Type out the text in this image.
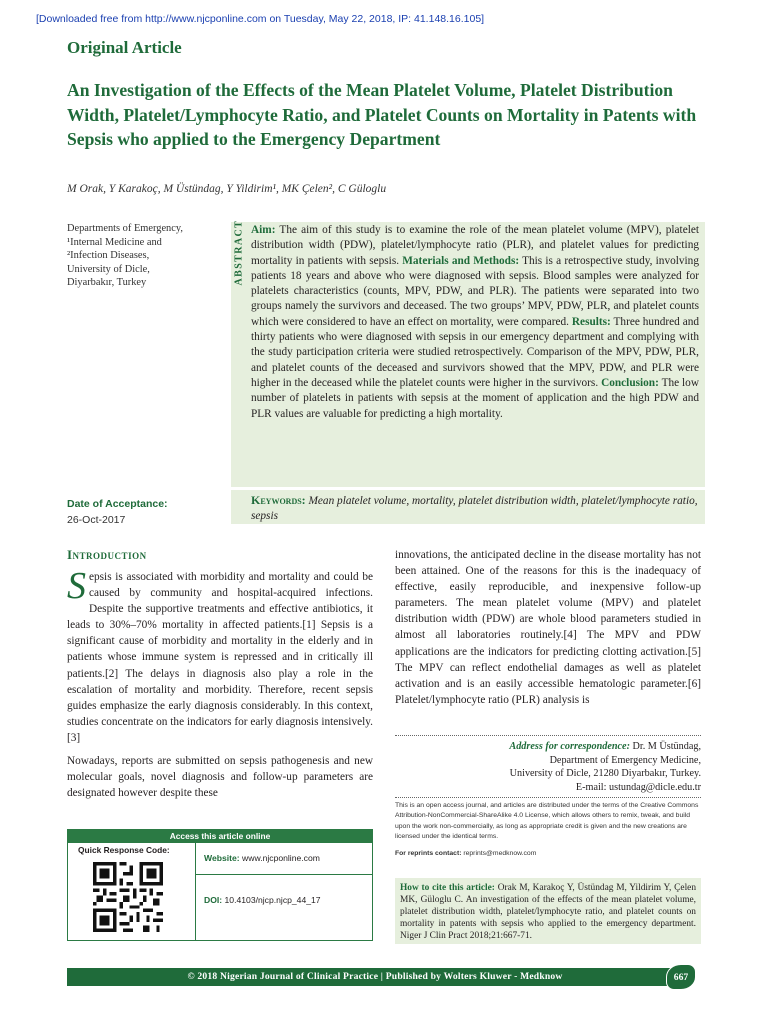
[Downloaded free from http://www.njcponline.com on Tuesday, May 22, 2018, IP: 41.148.16.105]
Original Article
An Investigation of the Effects of the Mean Platelet Volume, Platelet Distribution Width, Platelet/Lymphocyte Ratio, and Platelet Counts on Mortality in Patents with Sepsis who applied to the Emergency Department
M Orak, Y Karakoç, M Üstündag, Y Yildirim¹, MK Çelen², C Güloglu

Departments of Emergency,

¹Internal Medicine and

²Infection Diseases,

University of Dicle,

Diyarbakır, Turkey

Date of Acceptance:
26-Oct-2017
ABSTRACT Aim: The aim of this study is to examine the role of the mean platelet volume (MPV), platelet distribution width (PDW), platelet/lymphocyte ratio (PLR), and platelet values for predicting mortality in patients with sepsis. Materials and Methods: This is a retrospective study, involving patients 18 years and above who were diagnosed with sepsis. Blood samples were analyzed for platelets characteristics (counts, MPV, PDW, and PLR). The patients were separated into two groups namely the survivors and deceased. The two groups’ MPV, PDW, PLR, and platelet counts which were considered to have an effect on mortality, were compared. Results: Three hundred and thirty patients who were diagnosed with sepsis in our emergency department and complying with the study participation criteria were studied retrospectively. Comparison of the MPV, PDW, PLR, and platelet counts of the deceased and survivors showed that the MPV, PDW, and PLR were higher in the deceased while the platelet counts were higher in the survivors. Conclusion: The low number of platelets in patients with sepsis at the moment of application and the high PDW and PLR values are valuable for predicting a high mortality.
Keywords: Mean platelet volume, mortality, platelet distribution width, platelet/lymphocyte ratio, sepsis
Introduction

Sepsis is associated with morbidity and mortality and could be caused by community and hospital-acquired infections. Despite the supportive treatments and effective antibiotics, it leads to 30%–70% mortality in affected patients.[1] Sepsis is a significant cause of morbidity and mortality in the elderly and in patients whose immune system is repressed and in critically ill patients.[2] The delays in diagnosis also play a role in the escalation of mortality and morbidity. Therefore, recent sepsis guides emphasize the early diagnosis considerably. In this context, studies concentrate on the indicators for early diagnosis intensively.[3]

Nowadays, reports are submitted on sepsis pathogenesis and new molecular goals, novel diagnosis and follow-up parameters are designated however despite these

innovations, the anticipated decline in the disease mortality has not been attained. One of the reasons for this is the inadequacy of effective, easily reproducible, and inexpensive follow-up parameters. The mean platelet volume (MPV) and platelet distribution width (PDW) are whole blood parameters studied in almost all laboratories routinely.[4] The MPV and PDW applications are the indicators for predicting clotting activation.[5] The MPV can reflect endothelial damages as well as platelet activation and is an easily accessible hematologic parameter.[6] Platelet/lymphocyte ratio (PLR) analysis is
Address for correspondence: Dr. M Üstündag,
Department of Emergency Medicine,
University of Dicle, 21280 Diyarbakır, Turkey.
E-mail: ustundag@dicle.edu.tr
This is an open access journal, and articles are distributed under the terms of the Creative Commons Attribution-NonCommercial-ShareAlike 4.0 License, which allows others to remix, tweak, and build upon the work non-commercially, as long as appropriate credit is given and the new creations are licensed under the identical terms.
For reprints contact: reprints@medknow.com
How to cite this article: Orak M, Karakoç Y, Üstündag M, Yildirim Y, Çelen MK, Güloglu C. An investigation of the effects of the mean platelet volume, platelet distribution width, platelet/lymphocyte ratio, and platelet counts on mortality in patents with sepsis who applied to the emergency department. Niger J Clin Pract 2018;21:667-71.
Access this article online
Quick Response Code:
Website: www.njcponline.com
DOI: 10.4103/njcp.njcp_44_17
© 2018 Nigerian Journal of Clinical Practice | Published by Wolters Kluwer - Medknow	667
